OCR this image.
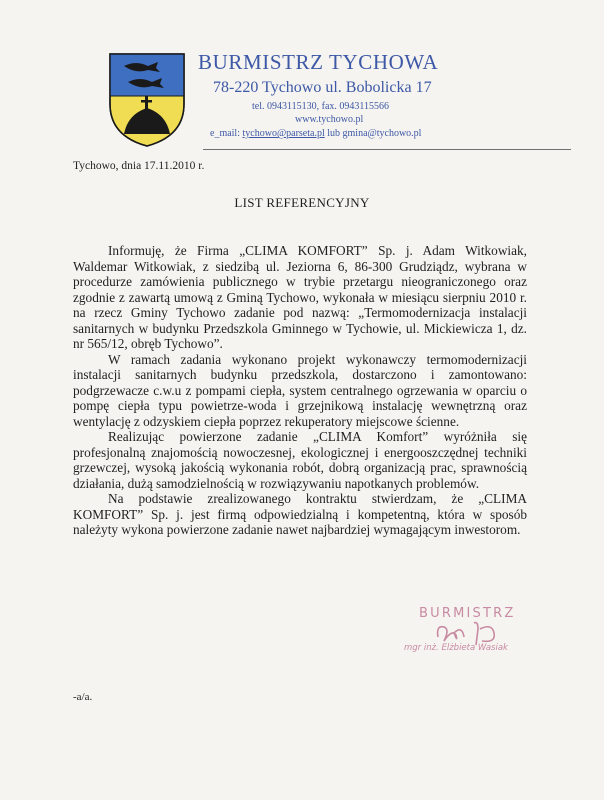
BURMISTRZ TYCHOWA
78-220 Tychowo ul. Bobolicka 17
tel. 0943115130, fax. 0943115566
www.tychowo.pl
e_mail: tychowo@parseta.pl lub gmina@tychowo.pl
Tychowo, dnia 17.11.2010 r.
LIST REFERENCYJNY

Informuję, że Firma „CLIMA KOMFORT” Sp. j. Adam Witkowiak, Waldemar Witkowiak, z siedzibą ul. Jeziorna 6, 86-300 Grudziądz, wybrana w procedurze zamówienia publicznego w trybie przetargu nieograniczonego oraz zgodnie z zawartą umową z Gminą Tychowo, wykonała w miesiącu sierpniu 2010 r. na rzecz Gminy Tychowo zadanie pod nazwą: „Termomodernizacja instalacji sanitarnych w budynku Przedszkola Gminnego w Tychowie, ul. Mickiewicza 1, dz. nr 565/12, obręb Tychowo”.

W ramach zadania wykonano projekt wykonawczy termomodernizacji instalacji sanitarnych budynku przedszkola, dostarczono i zamontowano: podgrzewacze c.w.u z pompami ciepła, system centralnego ogrzewania w oparciu o pompę ciepła typu powietrze-woda i grzejnikową instalację wewnętrzną oraz wentylację z odzyskiem ciepła poprzez rekuperatory miejscowe ścienne.

Realizując powierzone zadanie „CLIMA Komfort” wyróżniła się profesjonalną znajomością nowoczesnej, ekologicznej i energooszczędnej techniki grzewczej, wysoką jakością wykonania robót, dobrą organizacją prac, sprawnością działania, dużą samodzielnością w rozwiązywaniu napotkanych problemów.

Na podstawie zrealizowanego kontraktu stwierdzam, że „CLIMA KOMFORT” Sp. j. jest firmą odpowiedzialną i kompetentną, która w sposób należyty wykona powierzone zadanie nawet najbardziej wymagającym inwestorom.

BURMISTRZ
mgr inż. Elżbieta Wasiak
-a/a.
